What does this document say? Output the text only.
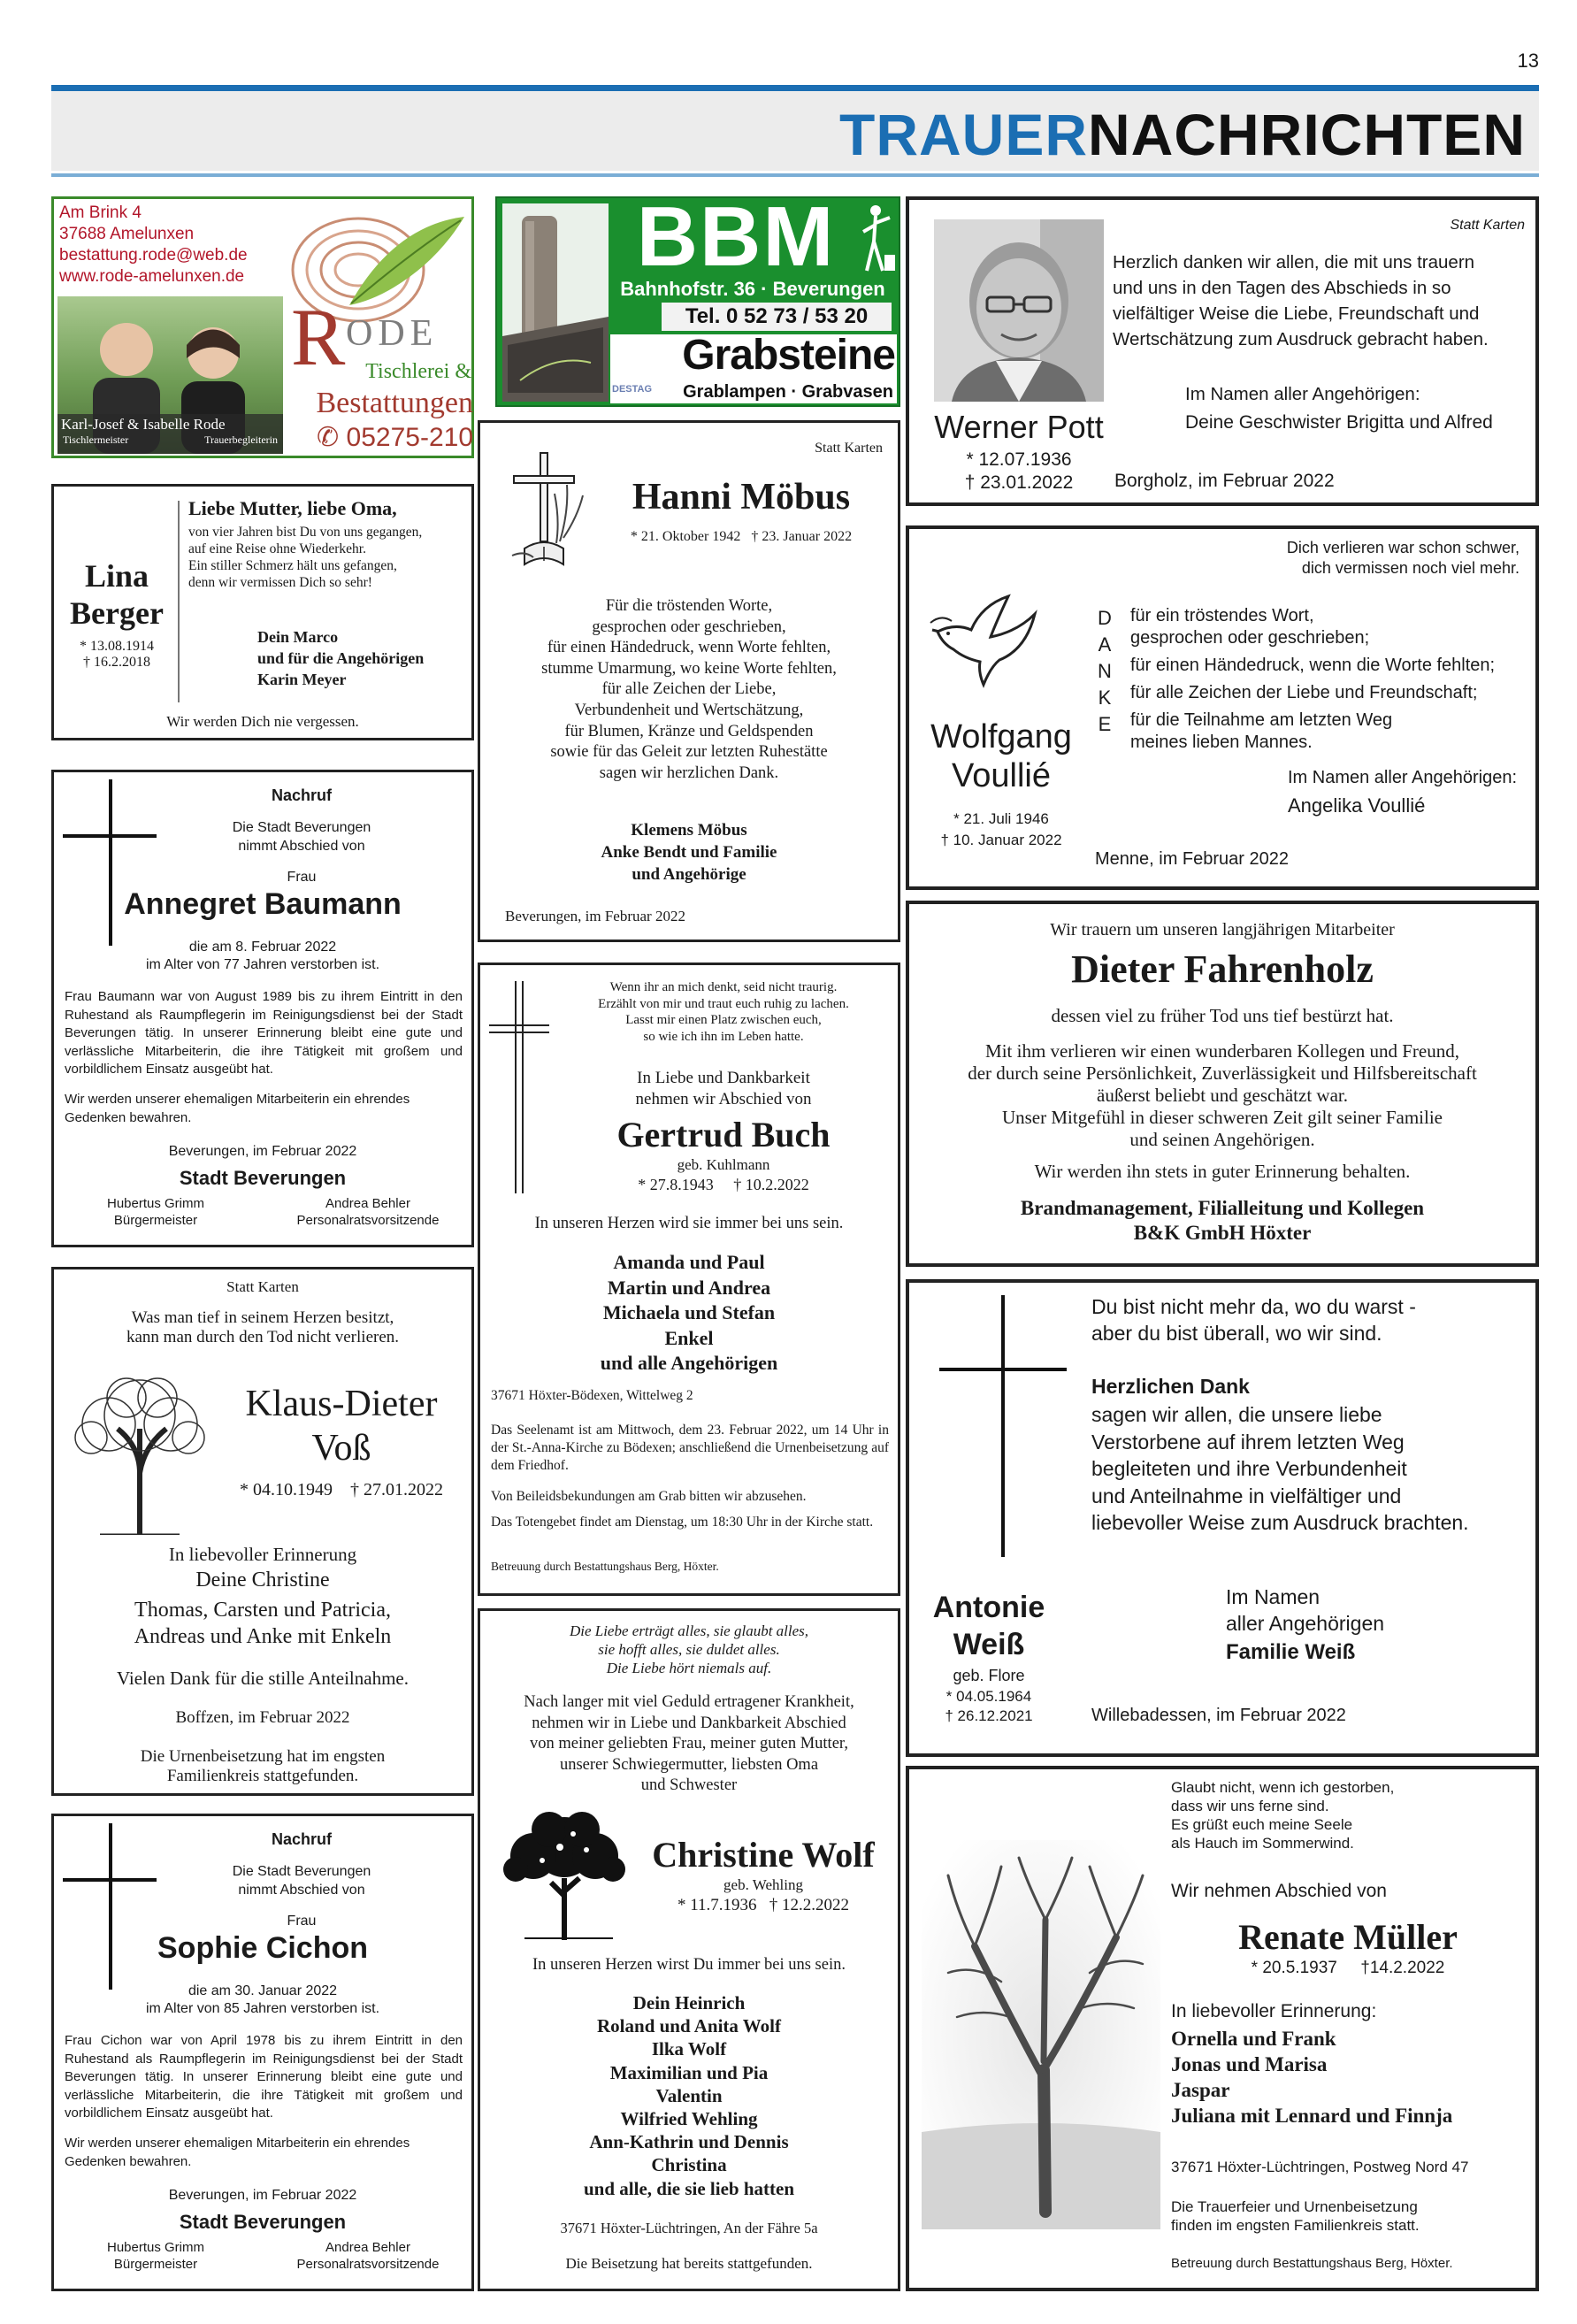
13
TRAUERNACHRICHTEN
Am Brink 4
37688 Amelunxen
bestattung.rode@web.de
www.rode-amelunxen.de
Karl-Josef & Isabelle Rode
Tischlermeister	Trauerbegleiterin
R ODE
Tischlerei &
Bestattungen
✆ 05275-210
BBM
Bahnhofstr. 36 · Beverungen
Tel. 0 52 73 / 53 20
Grabsteine
DESTAG	Grablampen · Grabvasen
Lina
Berger
* 13.08.1914
† 16.2.2018
Liebe Mutter, liebe Oma,
von vier Jahren bist Du von uns gegangen,
auf eine Reise ohne Wiederkehr.
Ein stiller Schmerz hält uns gefangen,
denn wir vermissen Dich so sehr!
Dein Marco
und für die Angehörigen
Karin Meyer
Wir werden Dich nie vergessen.
Nachruf
Die Stadt Beverungen
nimmt Abschied von
Frau
Annegret Baumann
die am 8. Februar 2022
im Alter von 77 Jahren verstorben ist.
Frau Baumann war von August 1989 bis zu ihrem Eintritt in den Ruhestand als Raumpflegerin im Reinigungsdienst bei der Stadt Beverungen tätig. In unserer Erinnerung bleibt eine gute und verlässliche Mitarbeiterin, die ihre Tätigkeit mit großem und vorbildlichem Einsatz ausgeübt hat.
Wir werden unserer ehemaligen Mitarbeiterin ein ehrendes Gedenken bewahren.
Beverungen, im Februar 2022
Stadt Beverungen
Hubertus Grimm
Bürgermeister
Andrea Behler
Personalratsvorsitzende
Statt Karten
Was man tief in seinem Herzen besitzt,
kann man durch den Tod nicht verlieren.
Klaus-Dieter
Voß
* 04.10.1949    † 27.01.2022
In liebevoller Erinnerung
Deine Christine
Thomas, Carsten und Patricia,
Andreas und Anke mit Enkeln
Vielen Dank für die stille Anteilnahme.
Boffzen, im Februar 2022
Die Urnenbeisetzung hat im engsten
Familienkreis stattgefunden.
Nachruf
Die Stadt Beverungen
nimmt Abschied von
Frau
Sophie Cichon
die am 30. Januar 2022
im Alter von 85 Jahren verstorben ist.
Frau Cichon war von April 1978 bis zu ihrem Eintritt in den Ruhestand als Raumpflegerin im Reinigungsdienst bei der Stadt Beverungen tätig. In unserer Erinnerung bleibt eine gute und verlässliche Mitarbeiterin, die ihre Tätigkeit mit großem und vorbildlichem Einsatz ausgeübt hat.
Wir werden unserer ehemaligen Mitarbeiterin ein ehrendes Gedenken bewahren.
Beverungen, im Februar 2022
Stadt Beverungen
Hubertus Grimm
Bürgermeister
Andrea Behler
Personalratsvorsitzende
Statt Karten
Hanni Möbus
* 21. Oktober 1942   † 23. Januar 2022
Für die tröstenden Worte,
gesprochen oder geschrieben,
für einen Händedruck, wenn Worte fehlten,
stumme Umarmung, wo keine Worte fehlten,
für alle Zeichen der Liebe,
Verbundenheit und Wertschätzung,
für Blumen, Kränze und Geldspenden
sowie für das Geleit zur letzten Ruhestätte
sagen wir herzlichen Dank.
Klemens Möbus
Anke Bendt und Familie
und Angehörige
Beverungen, im Februar 2022
Wenn ihr an mich denkt, seid nicht traurig.
Erzählt von mir und traut euch ruhig zu lachen.
Lasst mir einen Platz zwischen euch,
so wie ich ihn im Leben hatte.
In Liebe und Dankbarkeit
nehmen wir Abschied von
Gertrud Buch
geb. Kuhlmann
* 27.8.1943     † 10.2.2022
In unseren Herzen wird sie immer bei uns sein.
Amanda und Paul
Martin und Andrea
Michaela und Stefan
Enkel
und alle Angehörigen
37671 Höxter-Bödexen, Wittelweg 2
Das Seelenamt ist am Mittwoch, dem 23. Februar 2022, um 14 Uhr in der St.-Anna-Kirche zu Bödexen; anschließend die Urnenbeisetzung auf dem Friedhof.
Von Beileidsbekundungen am Grab bitten wir abzusehen.
Das Totengebet findet am Dienstag, um 18:30 Uhr in der Kirche statt.
Betreuung durch Bestattungshaus Berg, Höxter.
Die Liebe erträgt alles, sie glaubt alles,
sie hofft alles, sie duldet alles.
Die Liebe hört niemals auf.
Nach langer mit viel Geduld ertragener Krankheit,
nehmen wir in Liebe und Dankbarkeit Abschied
von meiner geliebten Frau, meiner guten Mutter,
unserer Schwiegermutter, liebsten Oma
und Schwester
Christine Wolf
geb. Wehling
* 11.7.1936   † 12.2.2022
In unseren Herzen wirst Du immer bei uns sein.
Dein Heinrich
Roland und Anita Wolf
Ilka Wolf
Maximilian und Pia
Valentin
Wilfried Wehling
Ann-Kathrin und Dennis
Christina
und alle, die sie lieb hatten
37671 Höxter-Lüchtringen, An der Fähre 5a
Die Beisetzung hat bereits stattgefunden.
Statt Karten
Herzlich danken wir allen, die mit uns trauern
und uns in den Tagen des Abschieds in so
vielfältiger Weise die Liebe, Freundschaft und
Wertschätzung zum Ausdruck gebracht haben.
Werner Pott
* 12.07.1936
† 23.01.2022
Im Namen aller Angehörigen:
Deine Geschwister Brigitta und Alfred
Borgholz, im Februar 2022
Dich verlieren war schon schwer,
dich vermissen noch viel mehr.
Wolfgang
Voullié
* 21. Juli 1946
† 10. Januar 2022
D
A
N
K
E
für ein tröstendes Wort,
gesprochen oder geschrieben;
für einen Händedruck, wenn die Worte fehlten;
für alle Zeichen der Liebe und Freundschaft;
für die Teilnahme am letzten Weg
meines lieben Mannes.
Im Namen aller Angehörigen:
Angelika Voullié
Menne, im Februar 2022
Wir trauern um unseren langjährigen Mitarbeiter
Dieter Fahrenholz
dessen viel zu früher Tod uns tief bestürzt hat.
Mit ihm verlieren wir einen wunderbaren Kollegen und Freund,
der durch seine Persönlichkeit, Zuverlässigkeit und Hilfsbereitschaft
äußerst beliebt und geschätzt war.
Unser Mitgefühl in dieser schweren Zeit gilt seiner Familie
und seinen Angehörigen.
Wir werden ihn stets in guter Erinnerung behalten.
Brandmanagement, Filialleitung und Kollegen
B&K GmbH Höxter
Du bist nicht mehr da, wo du warst -
aber du bist überall, wo wir sind.
Herzlichen Dank
sagen wir allen, die unsere liebe
Verstorbene auf ihrem letzten Weg
begleiteten und ihre Verbundenheit
und Anteilnahme in vielfältiger und
liebevoller Weise zum Ausdruck brachten.
Antonie
Weiß
geb. Flore
* 04.05.1964
† 26.12.2021
Im Namen
aller Angehörigen
Familie Weiß
Willebadessen, im Februar 2022
Glaubt nicht, wenn ich gestorben,
dass wir uns ferne sind.
Es grüßt euch meine Seele
als Hauch im Sommerwind.
Wir nehmen Abschied von
Renate Müller
* 20.5.1937     †14.2.2022
In liebevoller Erinnerung:
Ornella und Frank
Jonas und Marisa
Jaspar
Juliana mit Lennard und Finnja
37671 Höxter-Lüchtringen, Postweg Nord 47
Die Trauerfeier und Urnenbeisetzung
finden im engsten Familienkreis statt.
Betreuung durch Bestattungshaus Berg, Höxter.
